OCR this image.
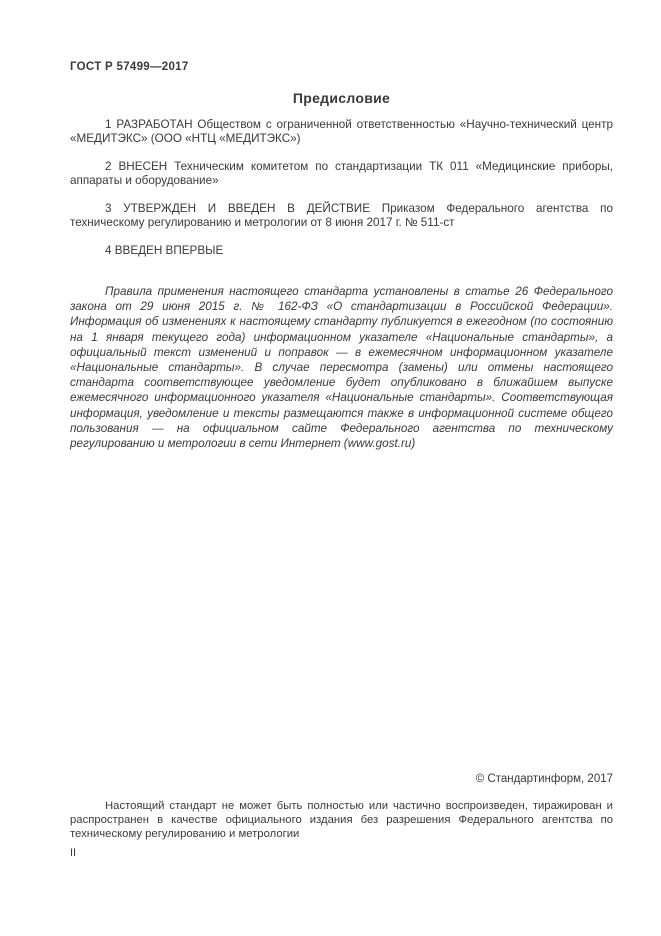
ГОСТ Р 57499—2017
Предисловие

1 РАЗРАБОТАН Обществом с ограниченной ответственностью «Научно-технический центр «МЕДИТЭКС» (ООО «НТЦ «МЕДИТЭКС»)

2 ВНЕСЕН Техническим комитетом по стандартизации ТК 011 «Медицинские приборы, аппараты и оборудование»

3 УТВЕРЖДЕН И ВВЕДЕН В ДЕЙСТВИЕ Приказом Федерального агентства по техническому регулированию и метрологии от 8 июня 2017 г. № 511-ст

4 ВВЕДЕН ВПЕРВЫЕ

Правила применения настоящего стандарта установлены в статье 26 Федерального закона от 29 июня 2015 г. № 162-ФЗ «О стандартизации в Российской Федерации». Информация об изменениях к настоящему стандарту публикуется в ежегодном (по состоянию на 1 января текущего года) информационном указателе «Национальные стандарты», а официальный текст изменений и поправок — в ежемесячном информационном указателе «Национальные стандарты». В случае пересмотра (замены) или отмены настоящего стандарта соответствующее уведомление будет опубликовано в ближайшем выпуске ежемесячного информационного указателя «Национальные стандарты». Соответствующая информация, уведомление и тексты размещаются также в информационной системе общего пользования — на официальном сайте Федерального агентства по техническому регулированию и метрологии в сети Интернет (www.gost.ru)

© Стандартинформ, 2017

Настоящий стандарт не может быть полностью или частично воспроизведен, тиражирован и распространен в качестве официального издания без разрешения Федерального агентства по техническому регулированию и метрологии

II
